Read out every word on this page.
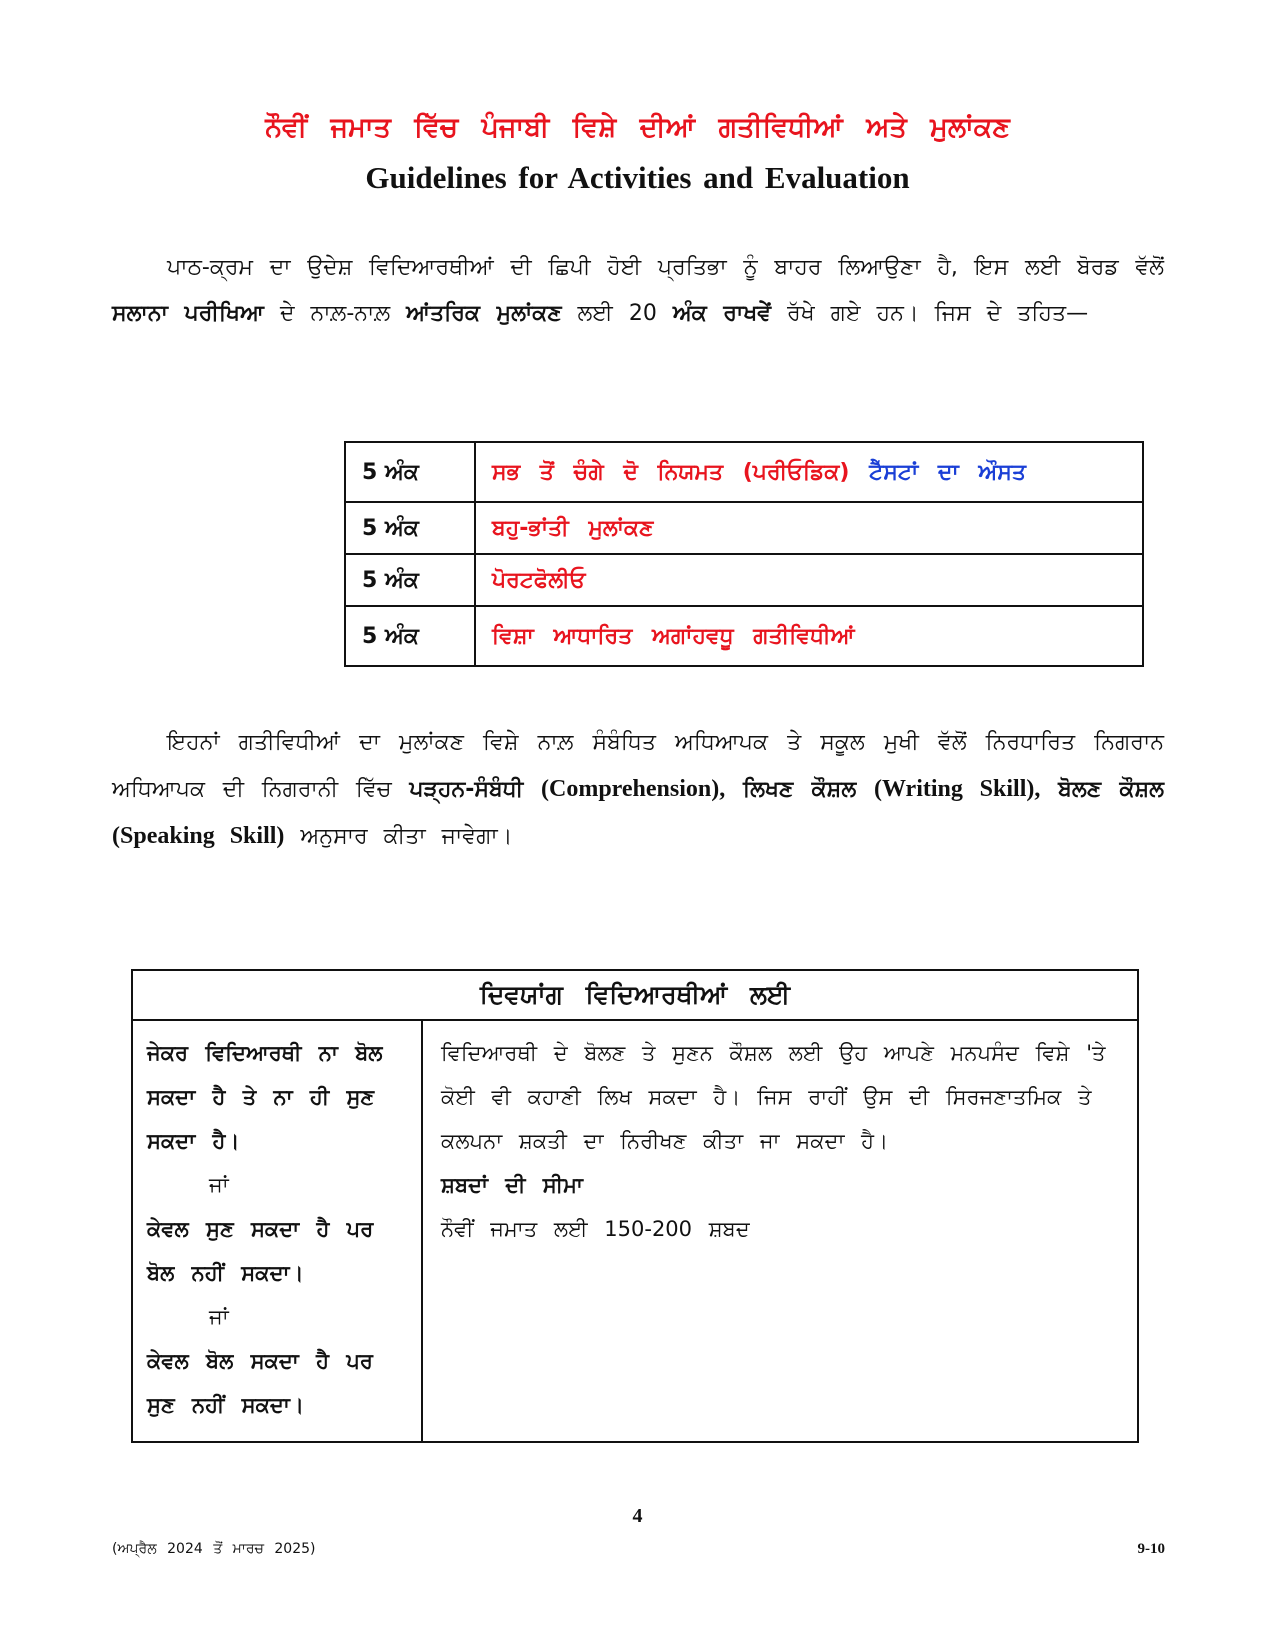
ਨੌਵੀਂ ਜਮਾਤ ਵਿੱਚ ਪੰਜਾਬੀ ਵਿਸ਼ੇ ਦੀਆਂ ਗਤੀਵਿਧੀਆਂ ਅਤੇ ਮੁਲਾਂਕਣ
Guidelines for Activities and Evaluation

ਪਾਠ-ਕ੍ਰਮ ਦਾ ਉਦੇਸ਼ ਵਿਦਿਆਰਥੀਆਂ ਦੀ ਛਿਪੀ ਹੋਈ ਪ੍ਰਤਿਭਾ ਨੂੰ ਬਾਹਰ ਲਿਆਉਣਾ ਹੈ, ਇਸ ਲਈ ਬੋਰਡ ਵੱਲੋਂ ਸਲਾਨਾ ਪਰੀਖਿਆ ਦੇ ਨਾਲ਼-ਨਾਲ਼ ਆਂਤਰਿਕ ਮੁਲਾਂਕਣ ਲਈ 20 ਅੰਕ ਰਾਖਵੇਂ ਰੱਖੇ ਗਏ ਹਨ। ਜਿਸ ਦੇ ਤਹਿਤ—

5 ਅੰਕ	ਸਭ ਤੋਂ ਚੰਗੇ ਦੋ ਨਿਯਮਤ (ਪਰੀਓਡਿਕ) ਟੈੱਸਟਾਂ ਦਾ ਔਸਤ
5 ਅੰਕ	ਬਹੁ-ਭਾਂਤੀ ਮੁਲਾਂਕਣ
5 ਅੰਕ	ਪੋਰਟਫੋਲੀਓ
5 ਅੰਕ	ਵਿਸ਼ਾ ਆਧਾਰਿਤ ਅਗਾਂਹਵਧੂ ਗਤੀਵਿਧੀਆਂ

ਇਹਨਾਂ ਗਤੀਵਿਧੀਆਂ ਦਾ ਮੁਲਾਂਕਣ ਵਿਸ਼ੇ ਨਾਲ਼ ਸੰਬੰਧਿਤ ਅਧਿਆਪਕ ਤੇ ਸਕੂਲ ਮੁਖੀ ਵੱਲੋਂ ਨਿਰਧਾਰਿਤ ਨਿਗਰਾਨ ਅਧਿਆਪਕ ਦੀ ਨਿਗਰਾਨੀ ਵਿੱਚ ਪੜ੍ਹਨ-ਸੰਬੰਧੀ (Comprehension), ਲਿਖਣ ਕੌਸ਼ਲ (Writing Skill), ਬੋਲਣ ਕੌਸ਼ਲ (Speaking Skill) ਅਨੁਸਾਰ ਕੀਤਾ ਜਾਵੇਗਾ।

ਦਿਵਯਾਂਗ ਵਿਦਿਆਰਥੀਆਂ ਲਈ

ਜੇਕਰ ਵਿਦਿਆਰਥੀ ਨਾ ਬੋਲ ਸਕਦਾ ਹੈ ਤੇ ਨਾ ਹੀ ਸੁਣ ਸਕਦਾ ਹੈ।
ਜਾਂ
ਕੇਵਲ ਸੁਣ ਸਕਦਾ ਹੈ ਪਰ ਬੋਲ ਨਹੀਂ ਸਕਦਾ।
ਜਾਂ
ਕੇਵਲ ਬੋਲ ਸਕਦਾ ਹੈ ਪਰ ਸੁਣ ਨਹੀਂ ਸਕਦਾ।

ਵਿਦਿਆਰਥੀ ਦੇ ਬੋਲਣ ਤੇ ਸੁਣਨ ਕੌਸ਼ਲ ਲਈ ਉਹ ਆਪਣੇ ਮਨਪਸੰਦ ਵਿਸ਼ੇ 'ਤੇ ਕੋਈ ਵੀ ਕਹਾਣੀ ਲਿਖ ਸਕਦਾ ਹੈ। ਜਿਸ ਰਾਹੀਂ ਉਸ ਦੀ ਸਿਰਜਣਾਤਮਿਕ ਤੇ ਕਲਪਨਾ ਸ਼ਕਤੀ ਦਾ ਨਿਰੀਖਣ ਕੀਤਾ ਜਾ ਸਕਦਾ ਹੈ।
ਸ਼ਬਦਾਂ ਦੀ ਸੀਮਾ
ਨੌਵੀਂ ਜਮਾਤ ਲਈ 150-200 ਸ਼ਬਦ
4
(ਅਪ੍ਰੈਲ 2024 ਤੋਂ ਮਾਰਚ 2025)	9-10
